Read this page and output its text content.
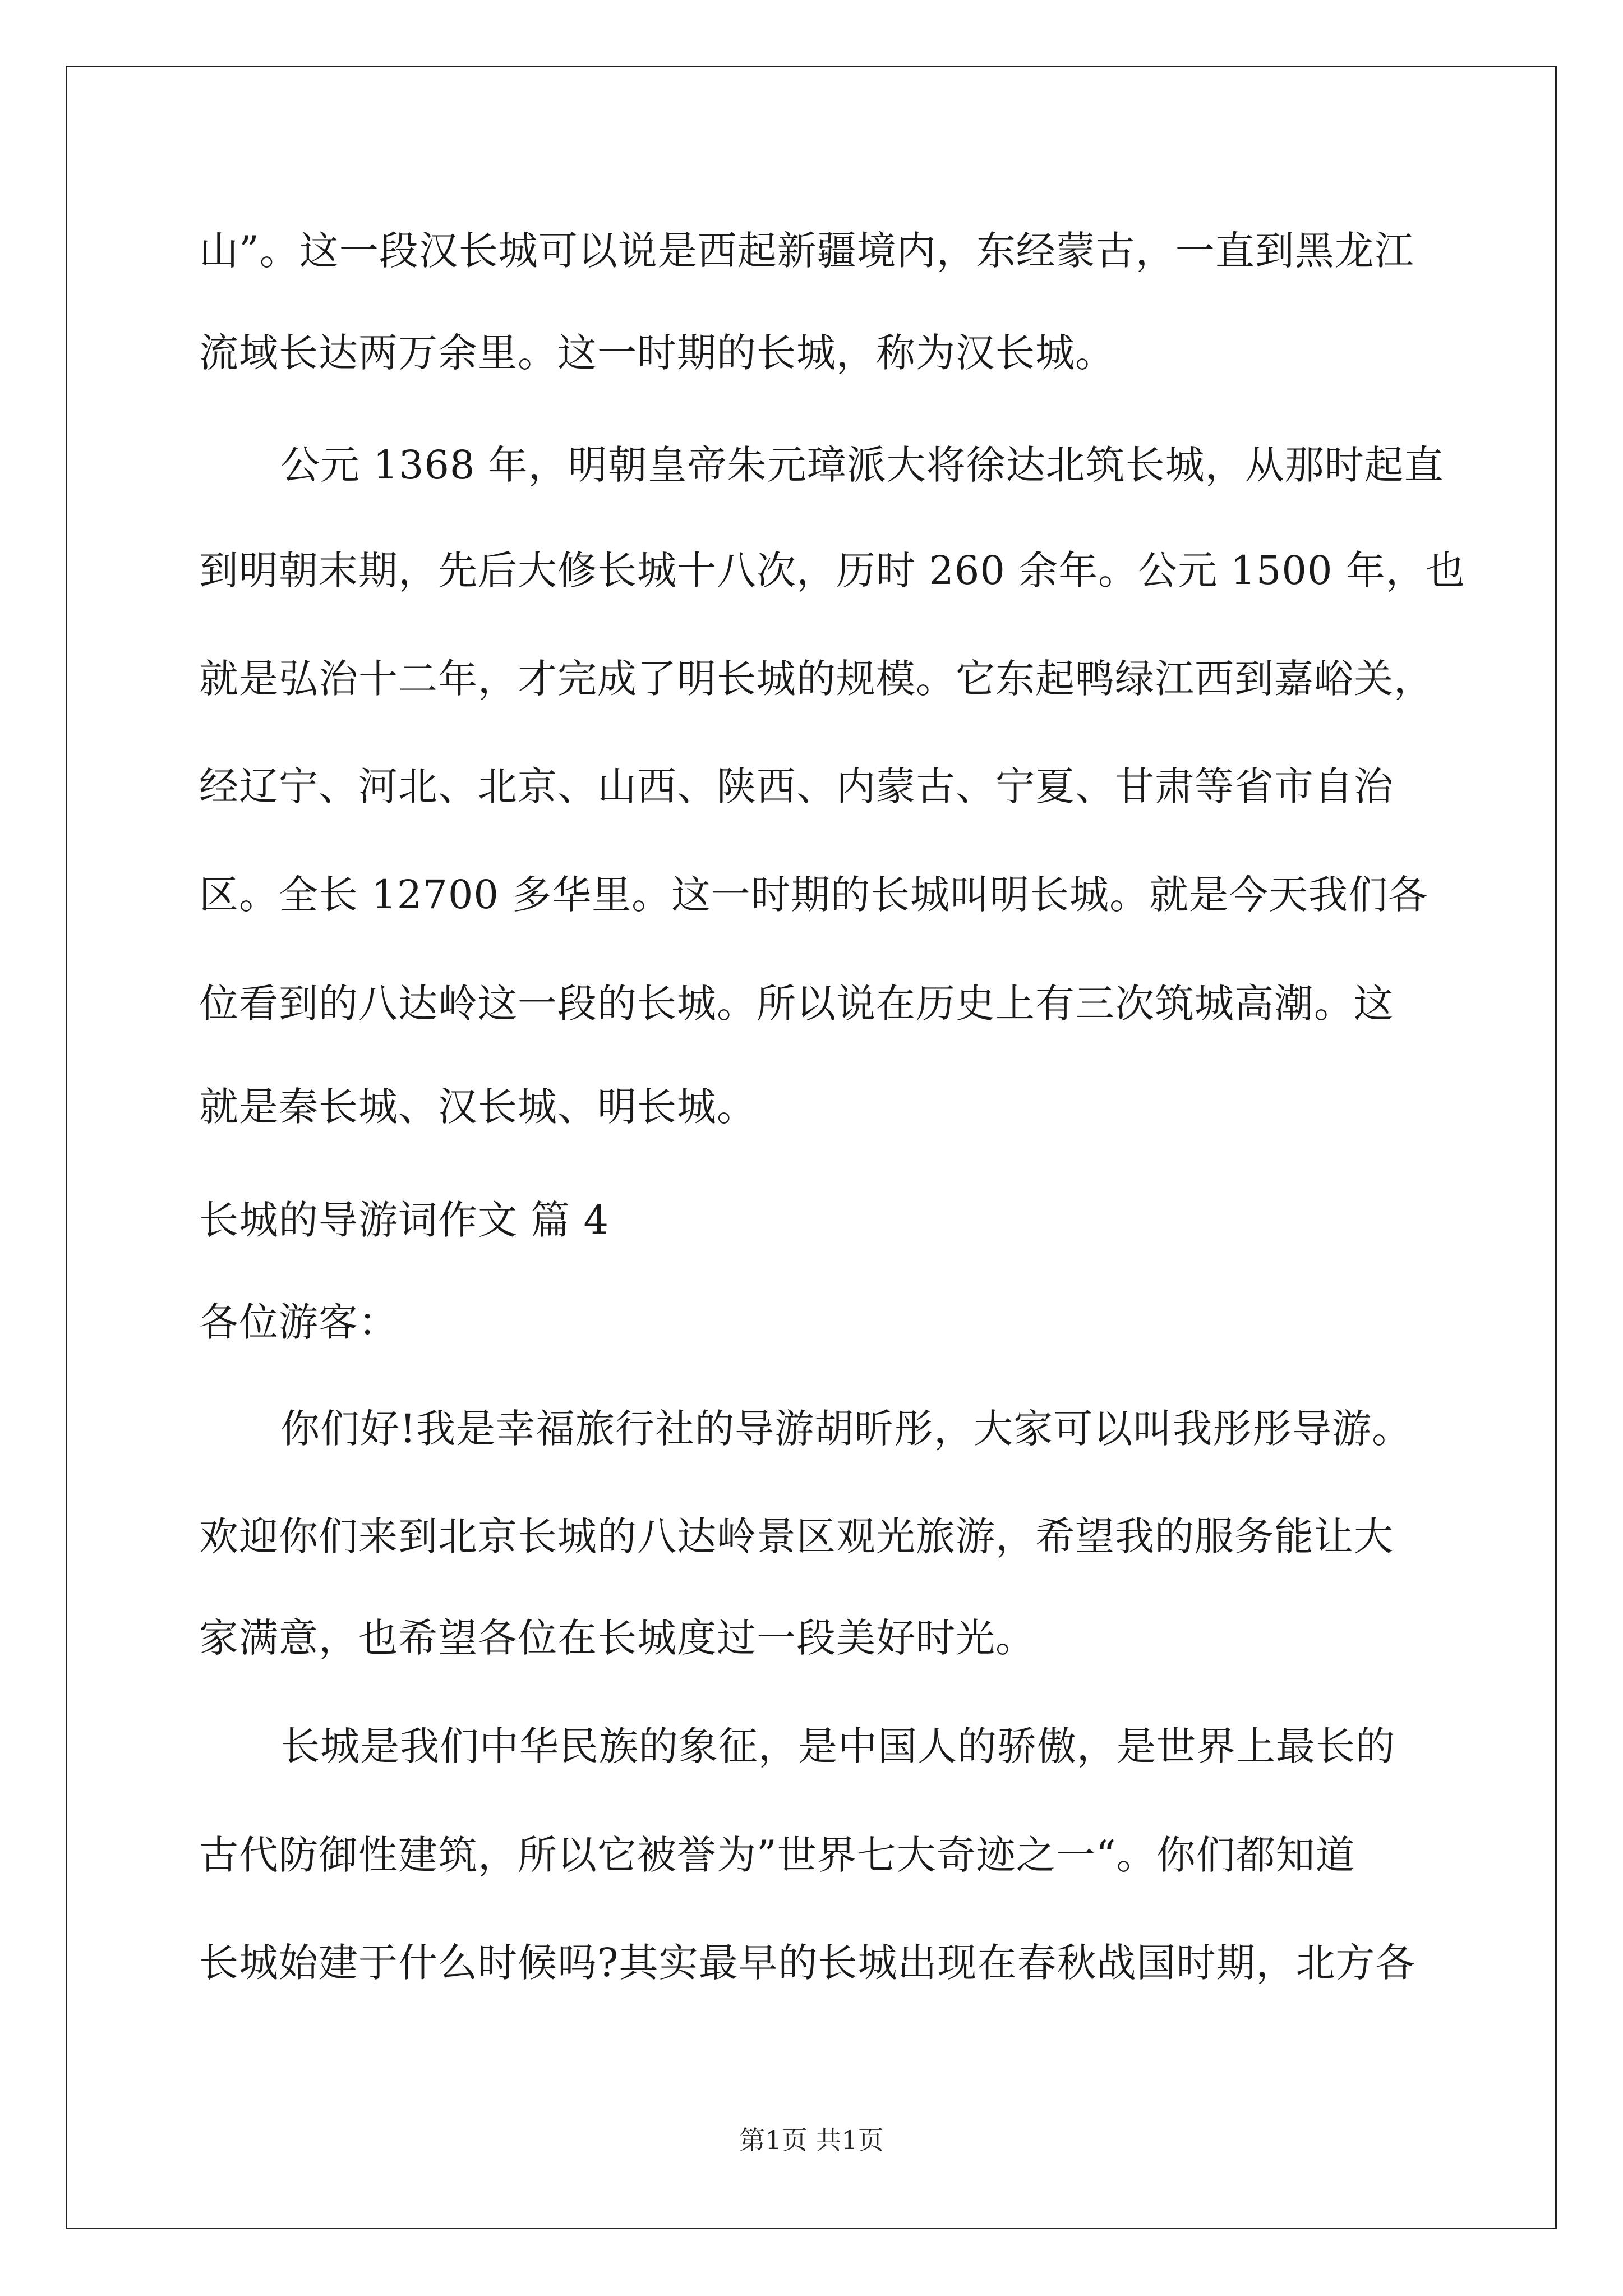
山”。这一段汉长城可以说是西起新疆境内，东经蒙古，一直到黑龙江
流域长达两万余里。这一时期的长城，称为汉长城。
公元 1368 年，明朝皇帝朱元璋派大将徐达北筑长城，从那时起直
到明朝末期，先后大修长城十八次，历时 260 余年。公元 1500 年，也
就是弘治十二年，才完成了明长城的规模。它东起鸭绿江西到嘉峪关，
经辽宁、河北、北京、山西、陕西、内蒙古、宁夏、甘肃等省市自治
区。全长 12700 多华里。这一时期的长城叫明长城。就是今天我们各
位看到的八达岭这一段的长城。所以说在历史上有三次筑城高潮。这
就是秦长城、汉长城、明长城。
长城的导游词作文 篇 4
各位游客：
你们好!我是幸福旅行社的导游胡昕彤，大家可以叫我彤彤导游。
欢迎你们来到北京长城的八达岭景区观光旅游，希望我的服务能让大
家满意，也希望各位在长城度过一段美好时光。
长城是我们中华民族的象征，是中国人的骄傲，是世界上最长的
古代防御性建筑，所以它被誉为”世界七大奇迹之一“。你们都知道
长城始建于什么时候吗?其实最早的长城出现在春秋战国时期，北方各
第1页 共1页
